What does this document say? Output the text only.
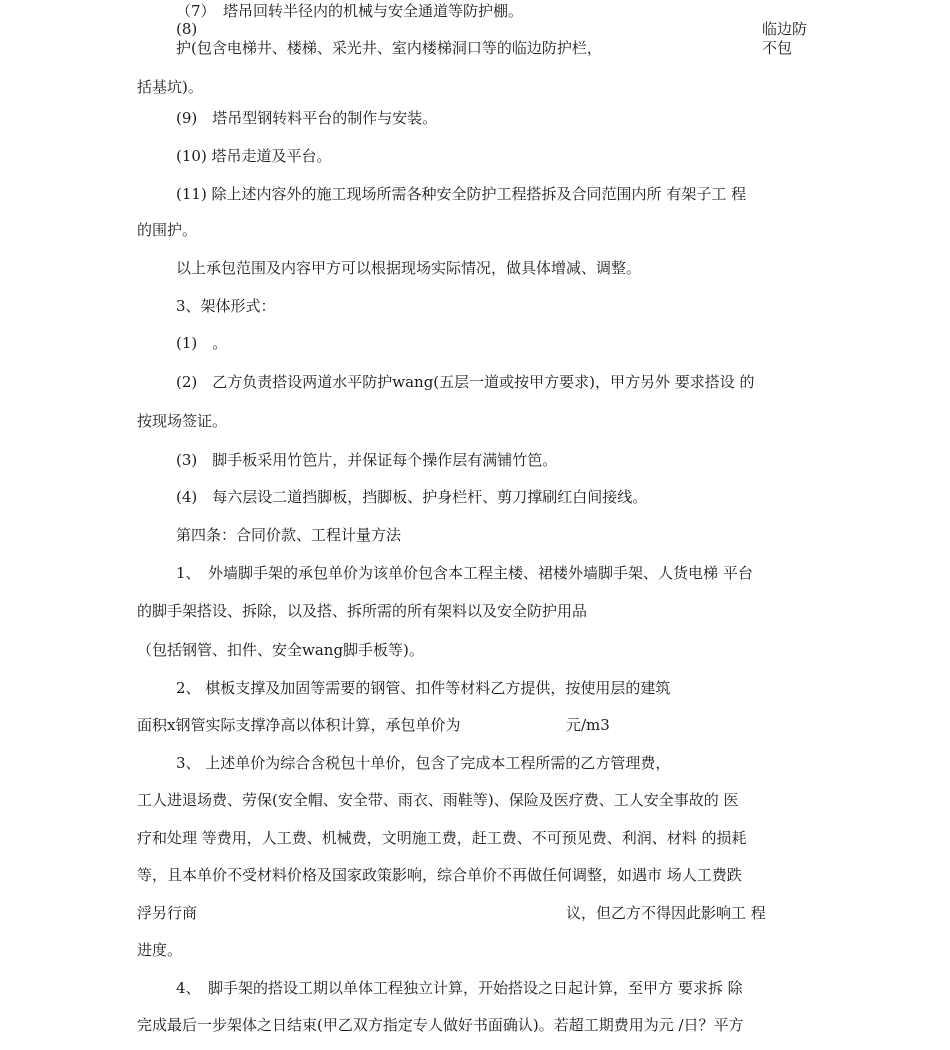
（7）　塔吊回转半径内的机械与安全通道等防护棚。
(8)	临边防
护(包含电梯井、楼梯、采光井、室内楼梯洞口等的临边防护栏，	不包
括基坑)。
(9)　塔吊型钢转料平台的制作与安装。
(10) 塔吊走道及平台。
(11) 除上述内容外的施工现场所需各种安全防护工程搭拆及合同范围内所 有架子工 程
的围护。
以上承包范围及内容甲方可以根据现场实际情况，做具体增减、调整。
3、架体形式：
(1)　。
(2)　乙方负责搭设两道水平防护wang(五层一道或按甲方要求)，甲方另外 要求搭设 的
按现场签证。
(3)　脚手板采用竹笆片，并保证每个操作层有满铺竹笆。
(4)　每六层设二道挡脚板，挡脚板、护身栏杆、剪刀撑刷红白间接线。
第四条：合同价款、工程计量方法
1、　外墙脚手架的承包单价为该单价包含本工程主楼、裙楼外墙脚手架、人货电梯 平台
的脚手架搭设、拆除，以及搭、拆所需的所有架料以及安全防护用品
（包括钢管、扣件、安全wang脚手板等)。
2、 棋板支撑及加固等需要的钢管、扣件等材料乙方提供，按使用层的建筑
面积x钢管实际支撑净高以体积计算，承包单价为	元/m3
3、 上述单价为综合含税包十单价，包含了完成本工程所需的乙方管理费，
工人进退场费、劳保(安全帽、安全带、雨衣、雨鞋等)、保险及医疗费、工人安全事故的 医
疗和处理 等费用，人工费、机械费，文明施工费，赶工费、不可预见费、利润、材料 的损耗
等，且本单价不受材料价格及国家政策影响，综合单价不再做任何调整，如遇市 场人工费跌
浮另行商	议，但乙方不得因此影响工 程
进度。
4、　脚手架的搭设工期以单体工程独立计算，开始搭设之日起计算，至甲方 要求拆 除
完成最后一步架体之日结束(甲乙双方指定专人做好书面确认)。若超工期费用为元 /日？平方
